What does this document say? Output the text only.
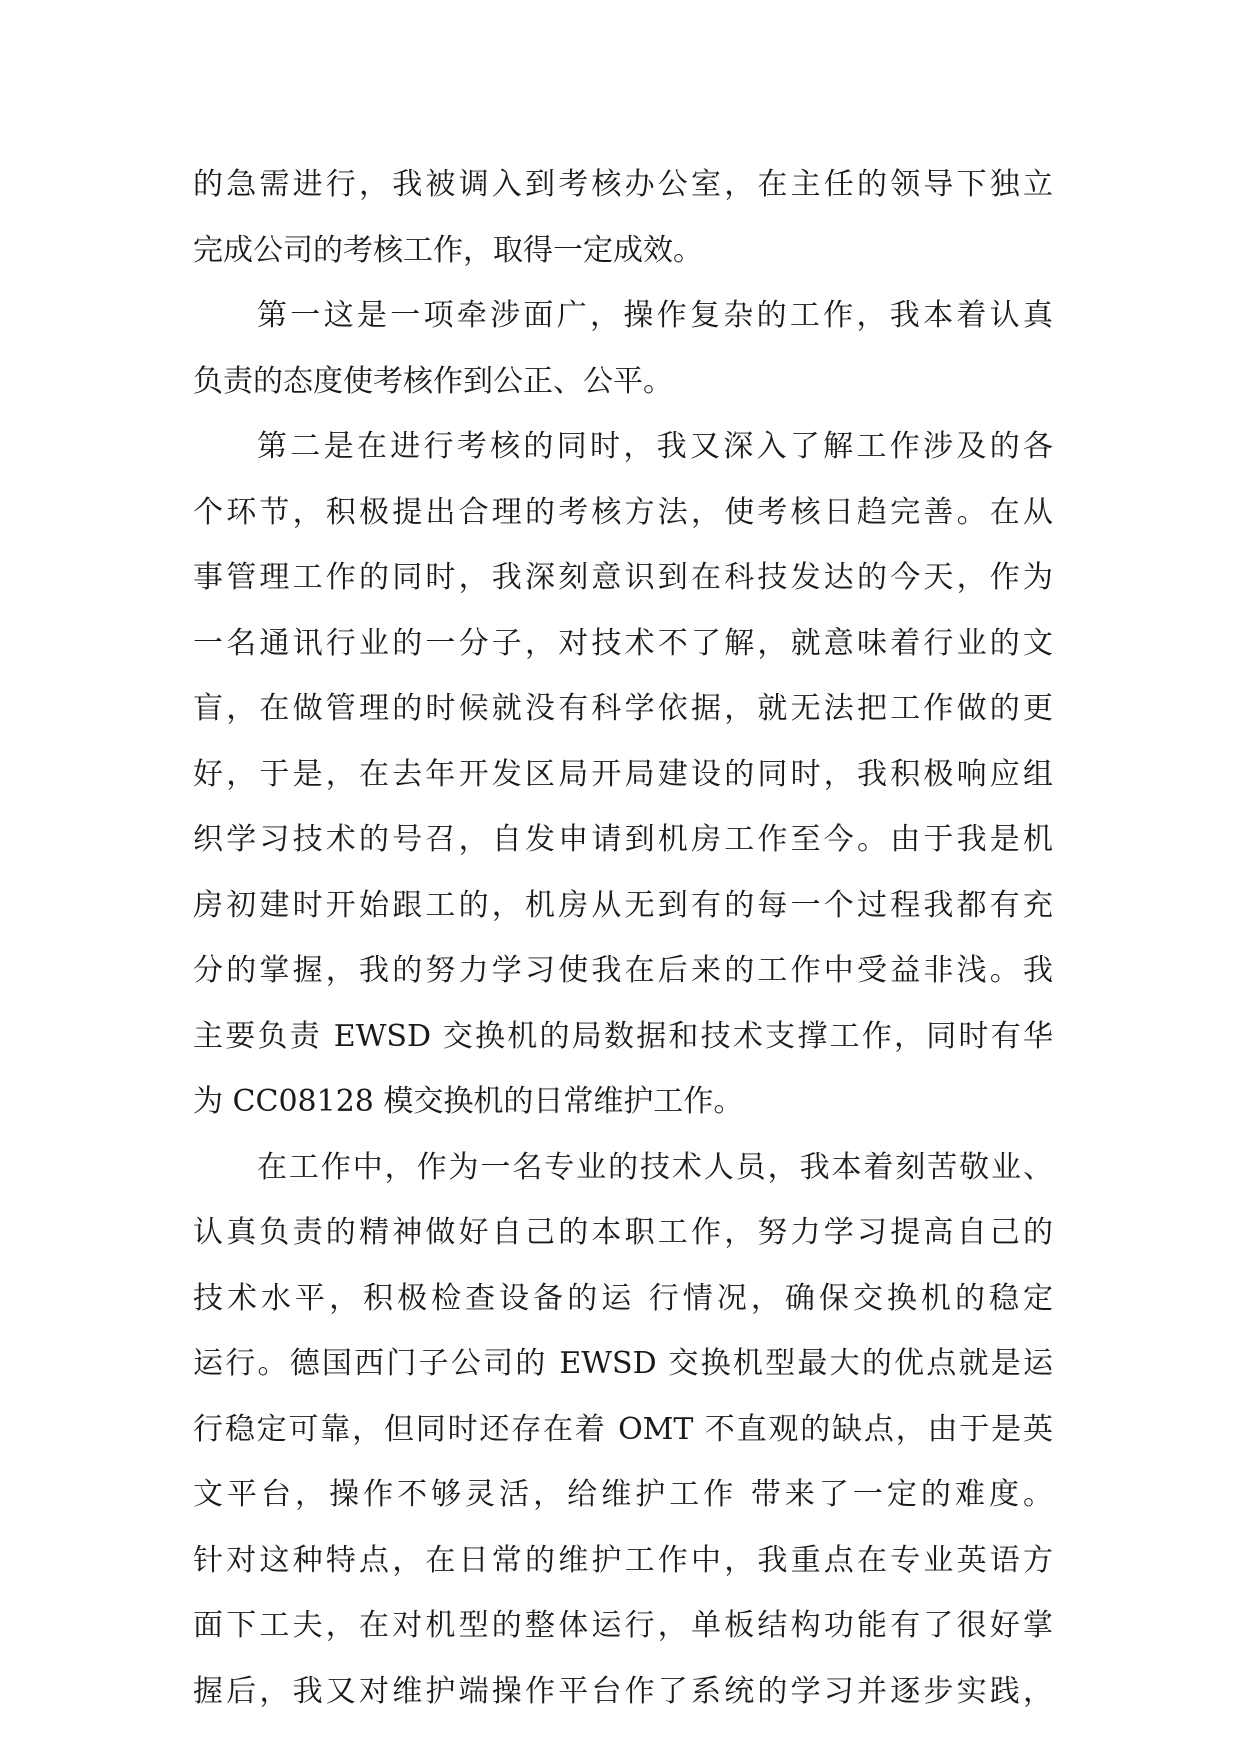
的急需进行，我被调入到考核办公室，在主任的领导下独立
完成公司的考核工作，取得一定成效。
第一这是一项牵涉面广，操作复杂的工作，我本着认真
负责的态度使考核作到公正、公平。
第二是在进行考核的同时，我又深入了解工作涉及的各
个环节，积极提出合理的考核方法，使考核日趋完善。在从
事管理工作的同时，我深刻意识到在科技发达的今天，作为
一名通讯行业的一分子，对技术不了解，就意味着行业的文
盲，在做管理的时候就没有科学依据，就无法把工作做的更
好，于是，在去年开发区局开局建设的同时，我积极响应组
织学习技术的号召，自发申请到机房工作至今。由于我是机
房初建时开始跟工的，机房从无到有的每一个过程我都有充
分的掌握，我的努力学习使我在后来的工作中受益非浅。我
主要负责 EWSD 交换机的局数据和技术支撑工作，同时有华
为 CC08128 模交换机的日常维护工作。
在工作中，作为一名专业的技术人员，我本着刻苦敬业、
认真负责的精神做好自己的本职工作，努力学习提高自己的
技术水平，积极检查设备的运 行情况，确保交换机的稳定
运行。德国西门子公司的 EWSD 交换机型最大的优点就是运
行稳定可靠，但同时还存在着 OMT 不直观的缺点，由于是英
文平台，操作不够灵活，给维护工作 带来了一定的难度。
针对这种特点，在日常的维护工作中，我重点在专业英语方
面下工夫，在对机型的整体运行，单板结构功能有了很好掌
握后，我又对维护端操作平台作了系统的学习并逐步实践，
